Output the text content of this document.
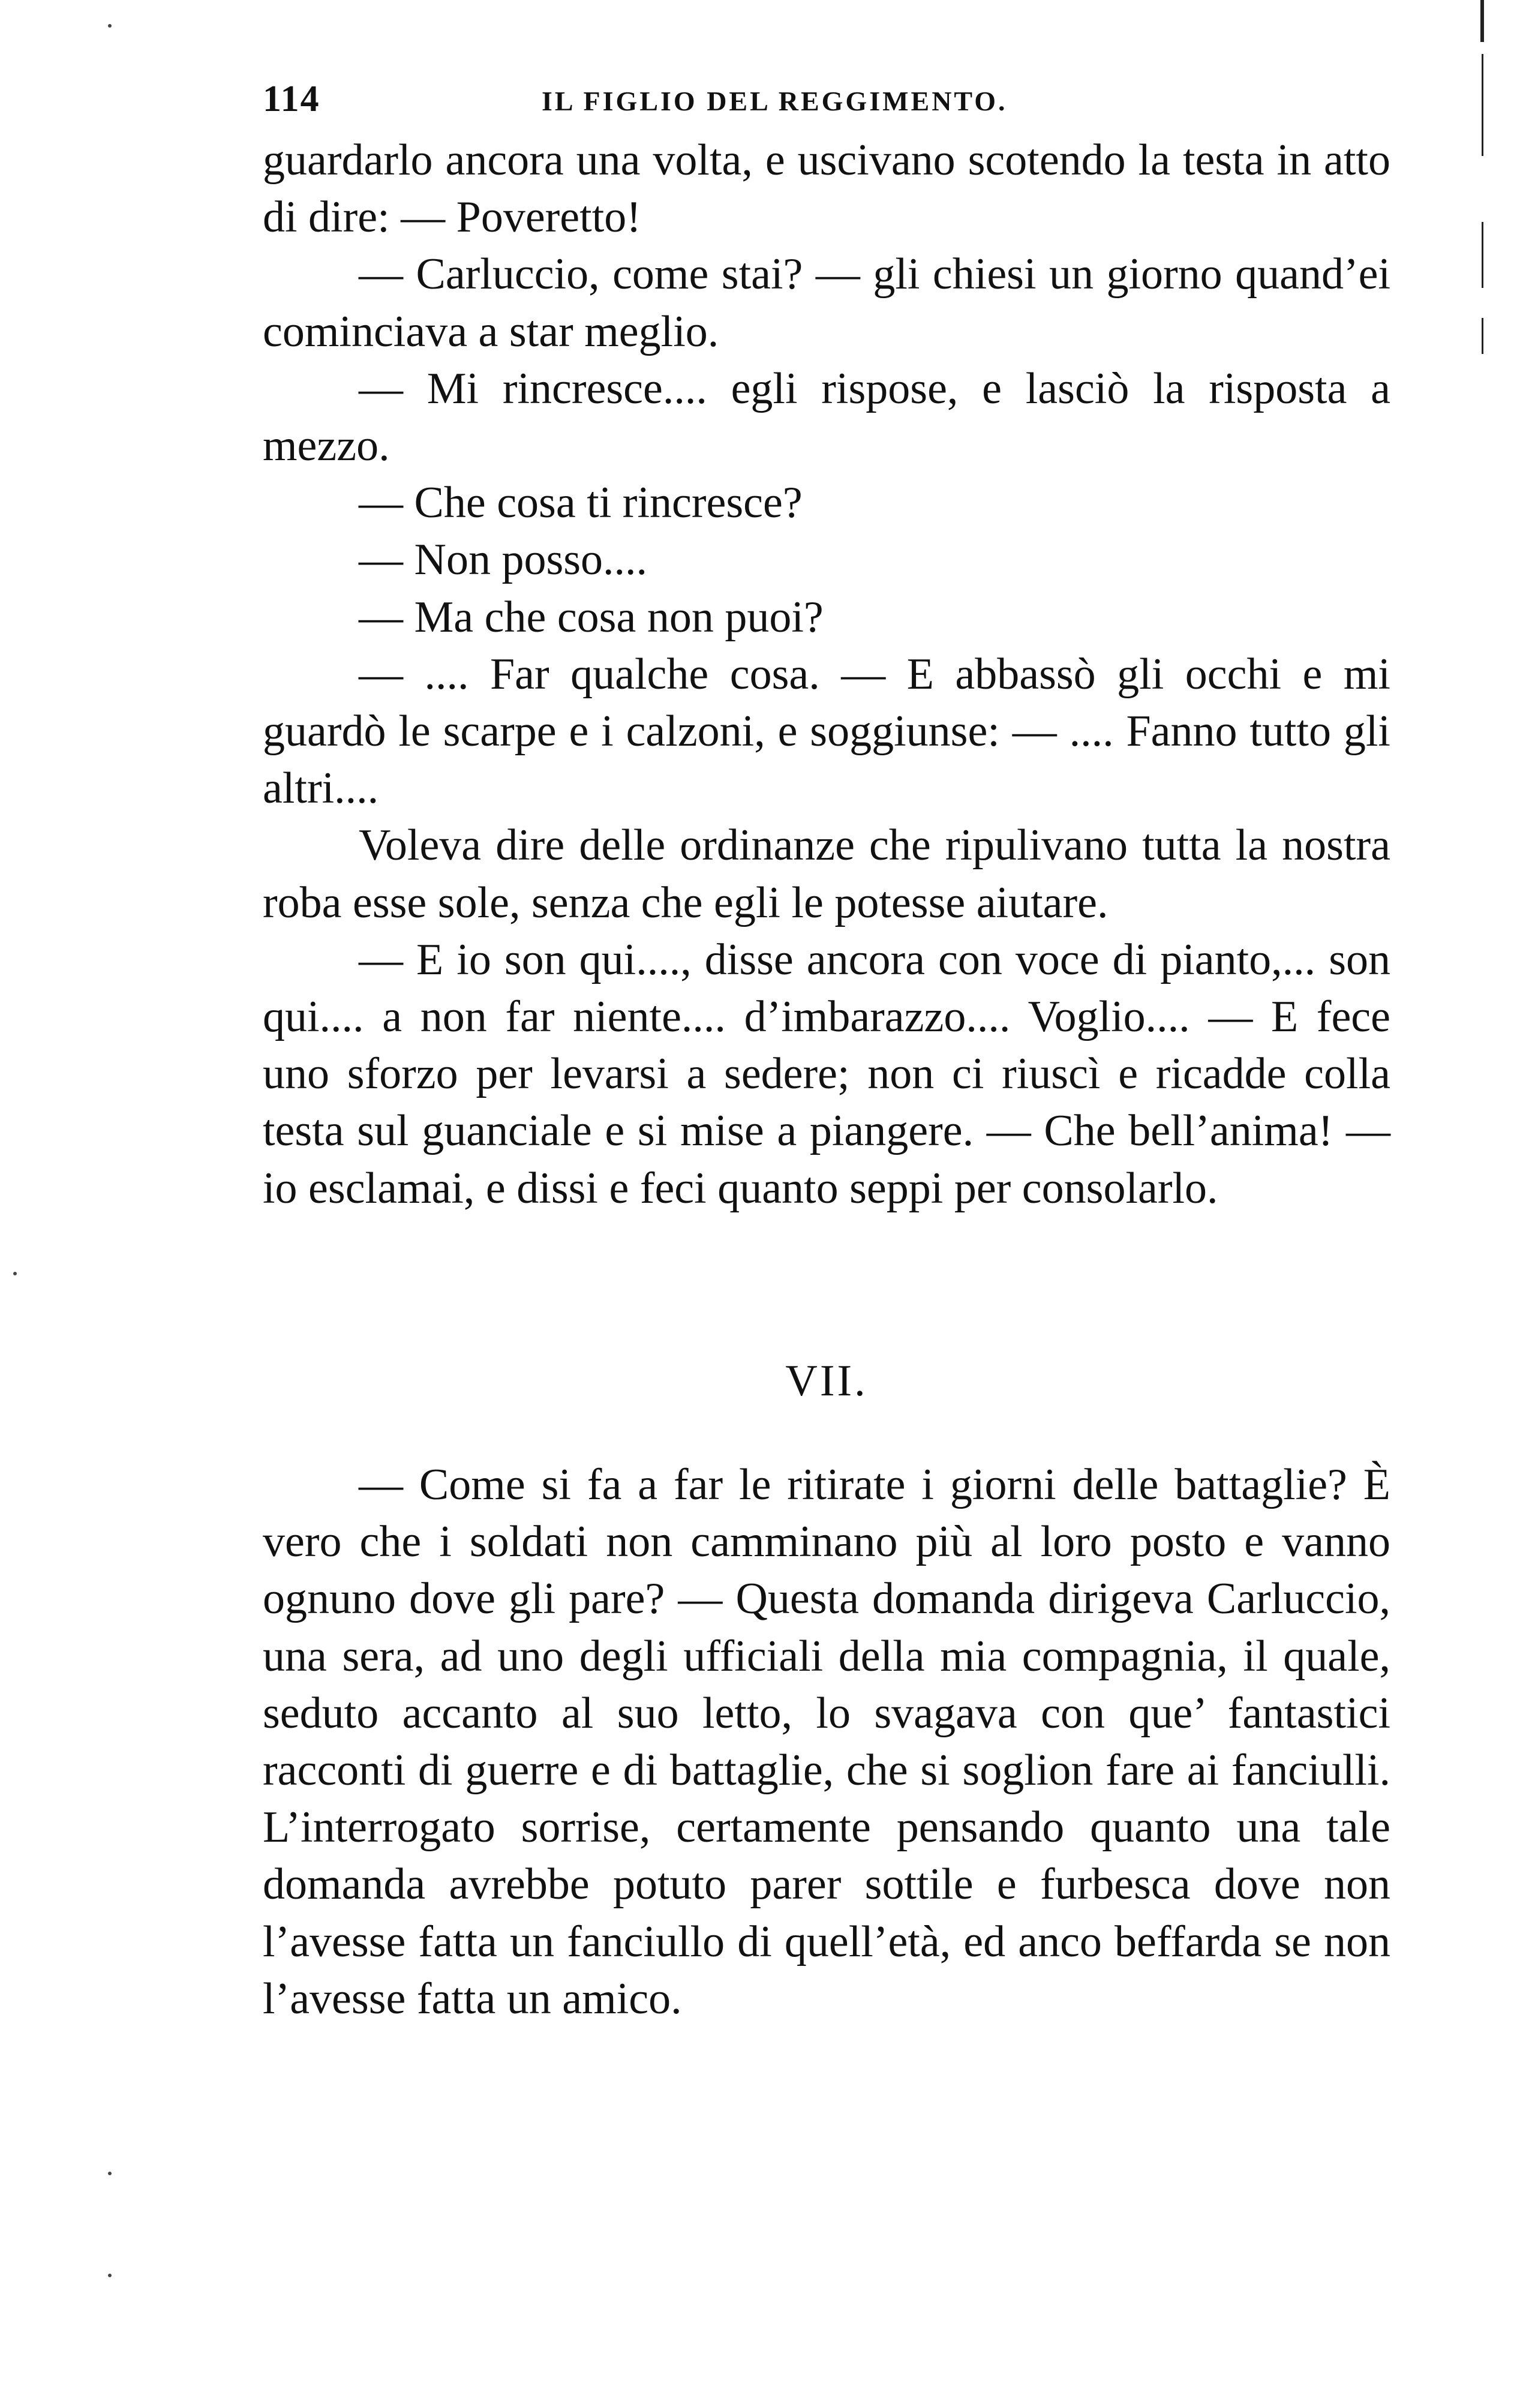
114	IL FIGLIO DEL REGGIMENTO.

guardarlo ancora una volta, e uscivano scotendo la testa in atto di dire: — Poveretto!

— Carluccio, come stai? — gli chiesi un giorno quand’ei cominciava a star meglio.

— Mi rincresce.... egli rispose, e lasciò la risposta a mezzo.

— Che cosa ti rincresce?

— Non posso....

— Ma che cosa non puoi?

— .... Far qualche cosa. — E abbassò gli occhi e mi guardò le scarpe e i calzoni, e soggiunse: — .... Fanno tutto gli altri....

Voleva dire delle ordinanze che ripulivano tutta la nostra roba esse sole, senza che egli le potesse aiutare.

— E io son qui...., disse ancora con voce di pianto,... son qui.... a non far niente.... d’imbarazzo.... Voglio.... — E fece uno sforzo per levarsi a sedere; non ci riuscì e ricadde colla testa sul guanciale e si mise a piangere. — Che bell’anima! — io esclamai, e dissi e feci quanto seppi per consolarlo.

VII.

— Come si fa a far le ritirate i giorni delle battaglie? È vero che i soldati non camminano più al loro posto e vanno ognuno dove gli pare? — Questa domanda dirigeva Carluccio, una sera, ad uno degli ufficiali della mia compagnia, il quale, seduto accanto al suo letto, lo svagava con que’ fantastici racconti di guerre e di battaglie, che si soglion fare ai fanciulli. L’interrogato sorrise, certamente pensando quanto una tale domanda avrebbe potuto parer sottile e furbesca dove non l’avesse fatta un fanciullo di quell’età, ed anco beffarda se non l’avesse fatta un amico.
